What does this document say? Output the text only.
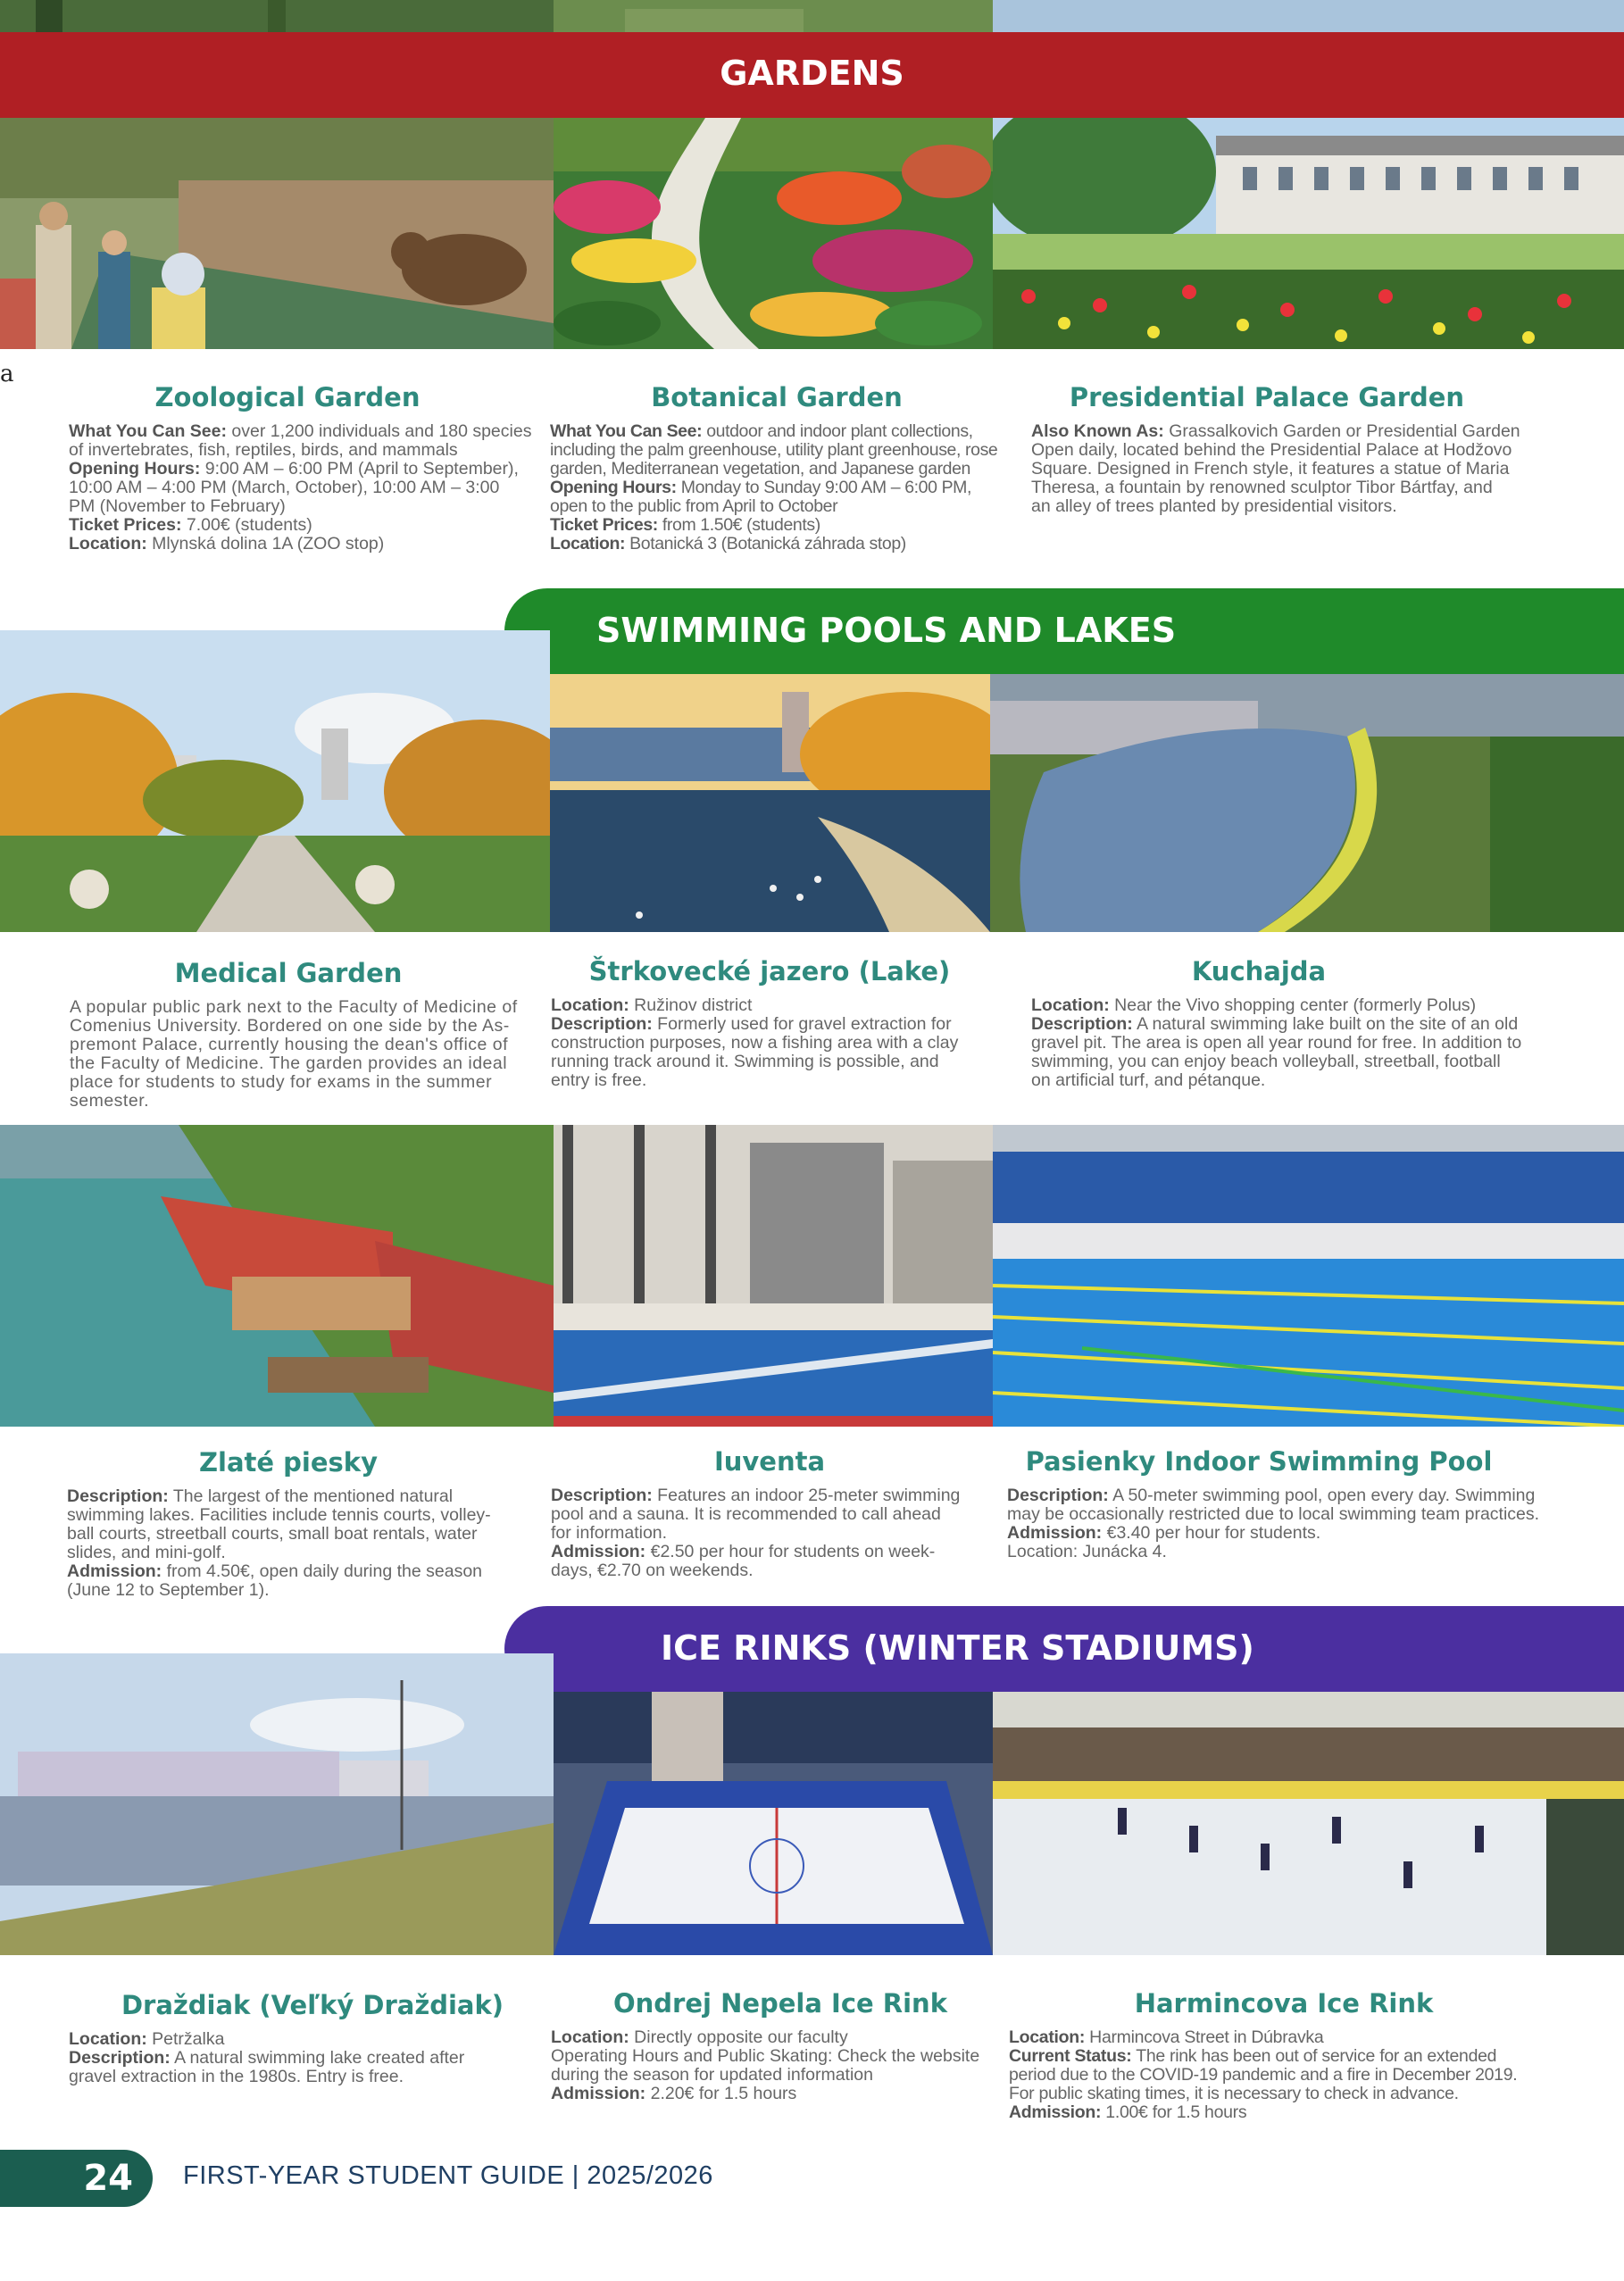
GARDENS
a
Zoological Garden	Botanical Garden	Presidential Palace Garden

What You Can See: over 1,200 individuals and 180 species

of invertebrates, fish, reptiles, birds, and mammals

Opening Hours: 9:00 AM – 6:00 PM (April to September),

10:00 AM – 4:00 PM (March, October), 10:00 AM – 3:00

PM (November to February)

Ticket Prices: 7.00€ (students)

Location: Mlynská dolina 1A (ZOO stop)

What You Can See: outdoor and indoor plant collections,

including the palm greenhouse, utility plant greenhouse, rose

garden, Mediterranean vegetation, and Japanese garden

Opening Hours: Monday to Sunday 9:00 AM – 6:00 PM,

open to the public from April to October

Ticket Prices: from 1.50€ (students)

Location: Botanická 3 (Botanická záhrada stop)

Also Known As: Grassalkovich Garden or Presidential Garden

Open daily, located behind the Presidential Palace at Hodžovo

Square. Designed in French style, it features a statue of Maria

Theresa, a fountain by renowned sculptor Tibor Bártfay, and

an alley of trees planted by presidential visitors.

SWIMMING POOLS AND LAKES
Medical Garden	Štrkovecké jazero (Lake)	Kuchajda

A popular public park next to the Faculty of Medicine of

Comenius University. Bordered on one side by the As-

premont Palace, currently housing the dean's office of

the Faculty of Medicine. The garden provides an ideal

place for students to study for exams in the summer

semester.

Location: Ružinov district

Description: Formerly used for gravel extraction for

construction purposes, now a fishing area with a clay

running track around it. Swimming is possible, and

entry is free.

Location: Near the Vivo shopping center (formerly Polus)

Description: A natural swimming lake built on the site of an old

gravel pit. The area is open all year round for free. In addition to

swimming, you can enjoy beach volleyball, streetball, football

on artificial turf, and pétanque.

Zlaté piesky	Iuventa	Pasienky Indoor Swimming Pool

Description: The largest of the mentioned natural

swimming lakes. Facilities include tennis courts, volley-

ball courts, streetball courts, small boat rentals, water

slides, and mini-golf.

Admission: from 4.50€, open daily during the season

(June 12 to September 1).

Description: Features an indoor 25-meter swimming

pool and a sauna. It is recommended to call ahead

for information.

Admission: €2.50 per hour for students on week-

days, €2.70 on weekends.

Description: A 50-meter swimming pool, open every day. Swimming

may be occasionally restricted due to local swimming team practices.

Admission: €3.40 per hour for students.

Location: Junácka 4.

ICE RINKS (WINTER STADIUMS)
Draždiak (Veľký Draždiak)	Ondrej Nepela Ice Rink	Harmincova Ice Rink

Location: Petržalka

Description: A natural swimming lake created after

gravel extraction in the 1980s. Entry is free.

Location: Directly opposite our faculty

Operating Hours and Public Skating: Check the website

during the season for updated information

Admission: 2.20€ for 1.5 hours

Location: Harmincova Street in Dúbravka

Current Status: The rink has been out of service for an extended

period due to the COVID-19 pandemic and a fire in December 2019.

For public skating times, it is necessary to check in advance.

Admission: 1.00€ for 1.5 hours

24	FIRST-YEAR STUDENT GUIDE | 2025/2026
